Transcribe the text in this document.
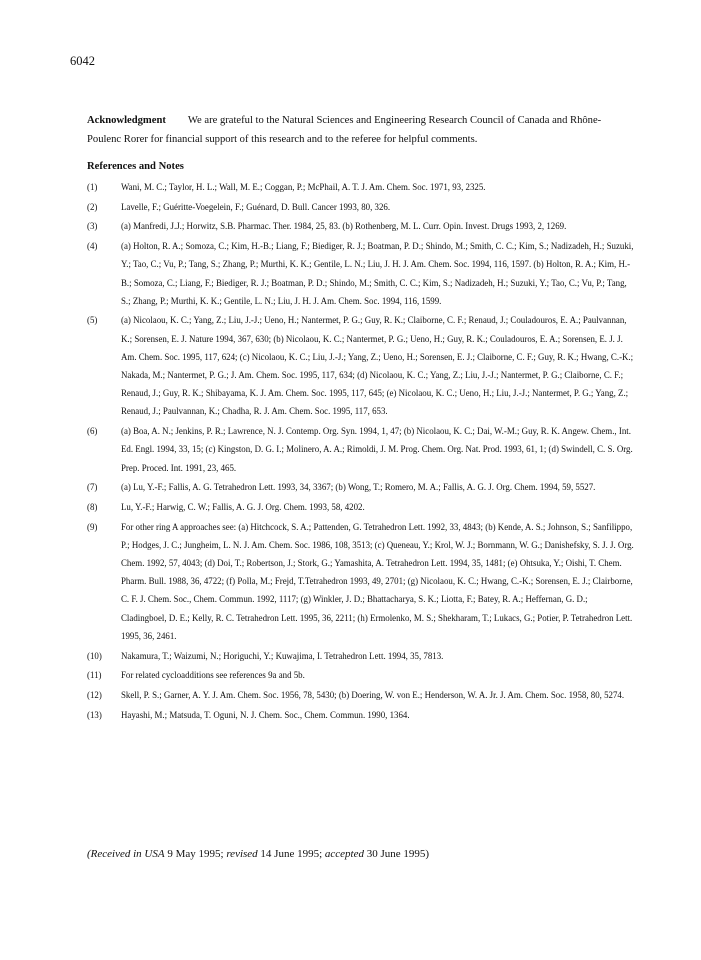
6042
Acknowledgment We are grateful to the Natural Sciences and Engineering Research Council of Canada and Rhône-Poulenc Rorer for financial support of this research and to the referee for helpful comments.
References and Notes
(1)	Wani, M. C.; Taylor, H. L.; Wall, M. E.; Coggan, P.; McPhail, A. T. J. Am. Chem. Soc. 1971, 93, 2325.
(2)	Lavelle, F.; Guéritte-Voegelein, F.; Guénard, D. Bull. Cancer 1993, 80, 326.
(3)	(a) Manfredi, J.J.; Horwitz, S.B. Pharmac. Ther. 1984, 25, 83. (b) Rothenberg, M. L. Curr. Opin. Invest. Drugs 1993, 2, 1269.
(4)	(a) Holton, R. A.; Somoza, C.; Kim, H.-B.; Liang, F.; Biediger, R. J.; Boatman, P. D.; Shindo, M.; Smith, C. C.; Kim, S.; Nadizadeh, H.; Suzuki, Y.; Tao, C.; Vu, P.; Tang, S.; Zhang, P.; Murthi, K. K.; Gentile, L. N.; Liu, J. H. J. Am. Chem. Soc. 1994, 116, 1597. (b) Holton, R. A.; Kim, H.-B.; Somoza, C.; Liang, F.; Biediger, R. J.; Boatman, P. D.; Shindo, M.; Smith, C. C.; Kim, S.; Nadizadeh, H.; Suzuki, Y.; Tao, C.; Vu, P.; Tang, S.; Zhang, P.; Murthi, K. K.; Gentile, L. N.; Liu, J. H. J. Am. Chem. Soc. 1994, 116, 1599.
(5)	(a) Nicolaou, K. C.; Yang, Z.; Liu, J.-J.; Ueno, H.; Nantermet, P. G.; Guy, R. K.; Claiborne, C. F.; Renaud, J.; Couladouros, E. A.; Paulvannan, K.; Sorensen, E. J. Nature 1994, 367, 630; (b) Nicolaou, K. C.; Nantermet, P. G.; Ueno, H.; Guy, R. K.; Couladouros, E. A.; Sorensen, E. J. J. Am. Chem. Soc. 1995, 117, 624; (c) Nicolaou, K. C.; Liu, J.-J.; Yang, Z.; Ueno, H.; Sorensen, E. J.; Claiborne, C. F.; Guy, R. K.; Hwang, C.-K.; Nakada, M.; Nantermet, P. G.; J. Am. Chem. Soc. 1995, 117, 634; (d) Nicolaou, K. C.; Yang, Z.; Liu, J.-J.; Nantermet, P. G.; Claiborne, C. F.; Renaud, J.; Guy, R. K.; Shibayama, K. J. Am. Chem. Soc. 1995, 117, 645; (e) Nicolaou, K. C.; Ueno, H.; Liu, J.-J.; Nantermet, P. G.; Yang, Z.; Renaud, J.; Paulvannan, K.; Chadha, R. J. Am. Chem. Soc. 1995, 117, 653.
(6)	(a) Boa, A. N.; Jenkins, P. R.; Lawrence, N. J. Contemp. Org. Syn. 1994, 1, 47; (b) Nicolaou, K. C.; Dai, W.-M.; Guy, R. K. Angew. Chem., Int. Ed. Engl. 1994, 33, 15; (c) Kingston, D. G. I.; Molinero, A. A.; Rimoldi, J. M. Prog. Chem. Org. Nat. Prod. 1993, 61, 1; (d) Swindell, C. S. Org. Prep. Proced. Int. 1991, 23, 465.
(7)	(a) Lu, Y.-F.; Fallis, A. G. Tetrahedron Lett. 1993, 34, 3367; (b) Wong, T.; Romero, M. A.; Fallis, A. G. J. Org. Chem. 1994, 59, 5527.
(8)	Lu, Y.-F.; Harwig, C. W.; Fallis, A. G. J. Org. Chem. 1993, 58, 4202.
(9)	For other ring A approaches see: (a) Hitchcock, S. A.; Pattenden, G. Tetrahedron Lett. 1992, 33, 4843; (b) Kende, A. S.; Johnson, S.; Sanfilippo, P.; Hodges, J. C.; Jungheim, L. N. J. Am. Chem. Soc. 1986, 108, 3513; (c) Queneau, Y.; Krol, W. J.; Bornmann, W. G.; Danishefsky, S. J. J. Org. Chem. 1992, 57, 4043; (d) Doi, T.; Robertson, J.; Stork, G.; Yamashita, A. Tetrahedron Lett. 1994, 35, 1481; (e) Ohtsuka, Y.; Oishi, T. Chem. Pharm. Bull. 1988, 36, 4722; (f) Polla, M.; Frejd, T.Tetrahedron 1993, 49, 2701; (g) Nicolaou, K. C.; Hwang, C.-K.; Sorensen, E. J.; Clairborne, C. F. J. Chem. Soc., Chem. Commun. 1992, 1117; (g) Winkler, J. D.; Bhattacharya, S. K.; Liotta, F.; Batey, R. A.; Heffernan, G. D.; Cladingboel, D. E.; Kelly, R. C. Tetrahedron Lett. 1995, 36, 2211; (h) Ermolenko, M. S.; Shekharam, T.; Lukacs, G.; Potier, P. Tetrahedron Lett. 1995, 36, 2461.
(10)	Nakamura, T.; Waizumi, N.; Horiguchi, Y.; Kuwajima, I. Tetrahedron Lett. 1994, 35, 7813.
(11)	For related cycloadditions see references 9a and 5b.
(12)	Skell, P. S.; Garner, A. Y. J. Am. Chem. Soc. 1956, 78, 5430; (b) Doering, W. von E.; Henderson, W. A. Jr. J. Am. Chem. Soc. 1958, 80, 5274.
(13)	Hayashi, M.; Matsuda, T. Oguni, N. J. Chem. Soc., Chem. Commun. 1990, 1364.
(Received in USA 9 May 1995; revised 14 June 1995; accepted 30 June 1995)
